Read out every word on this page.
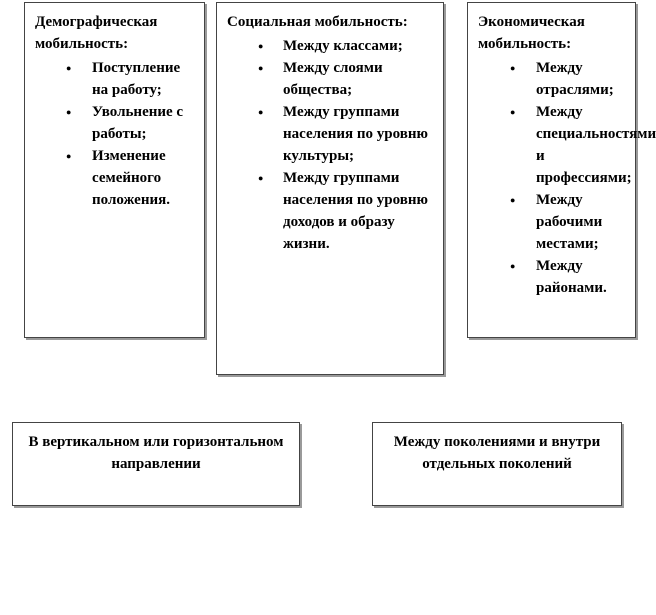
Демографическая
мобильность:
● Поступление на работу;
● Увольнение с работы;
● Изменение семейного положения.
Социальная мобильность:
● Между классами;
● Между слоями общества;
● Между группами населения по уровню культуры;
● Между группами населения по уровню доходов и образу жизни.
Экономическая
мобильность:
● Между отраслями;
● Между специальностями и профессиями;
● Между рабочими местами;
● Между районами.
В вертикальном или горизонтальном направлении
Между поколениями и внутри отдельных поколений
